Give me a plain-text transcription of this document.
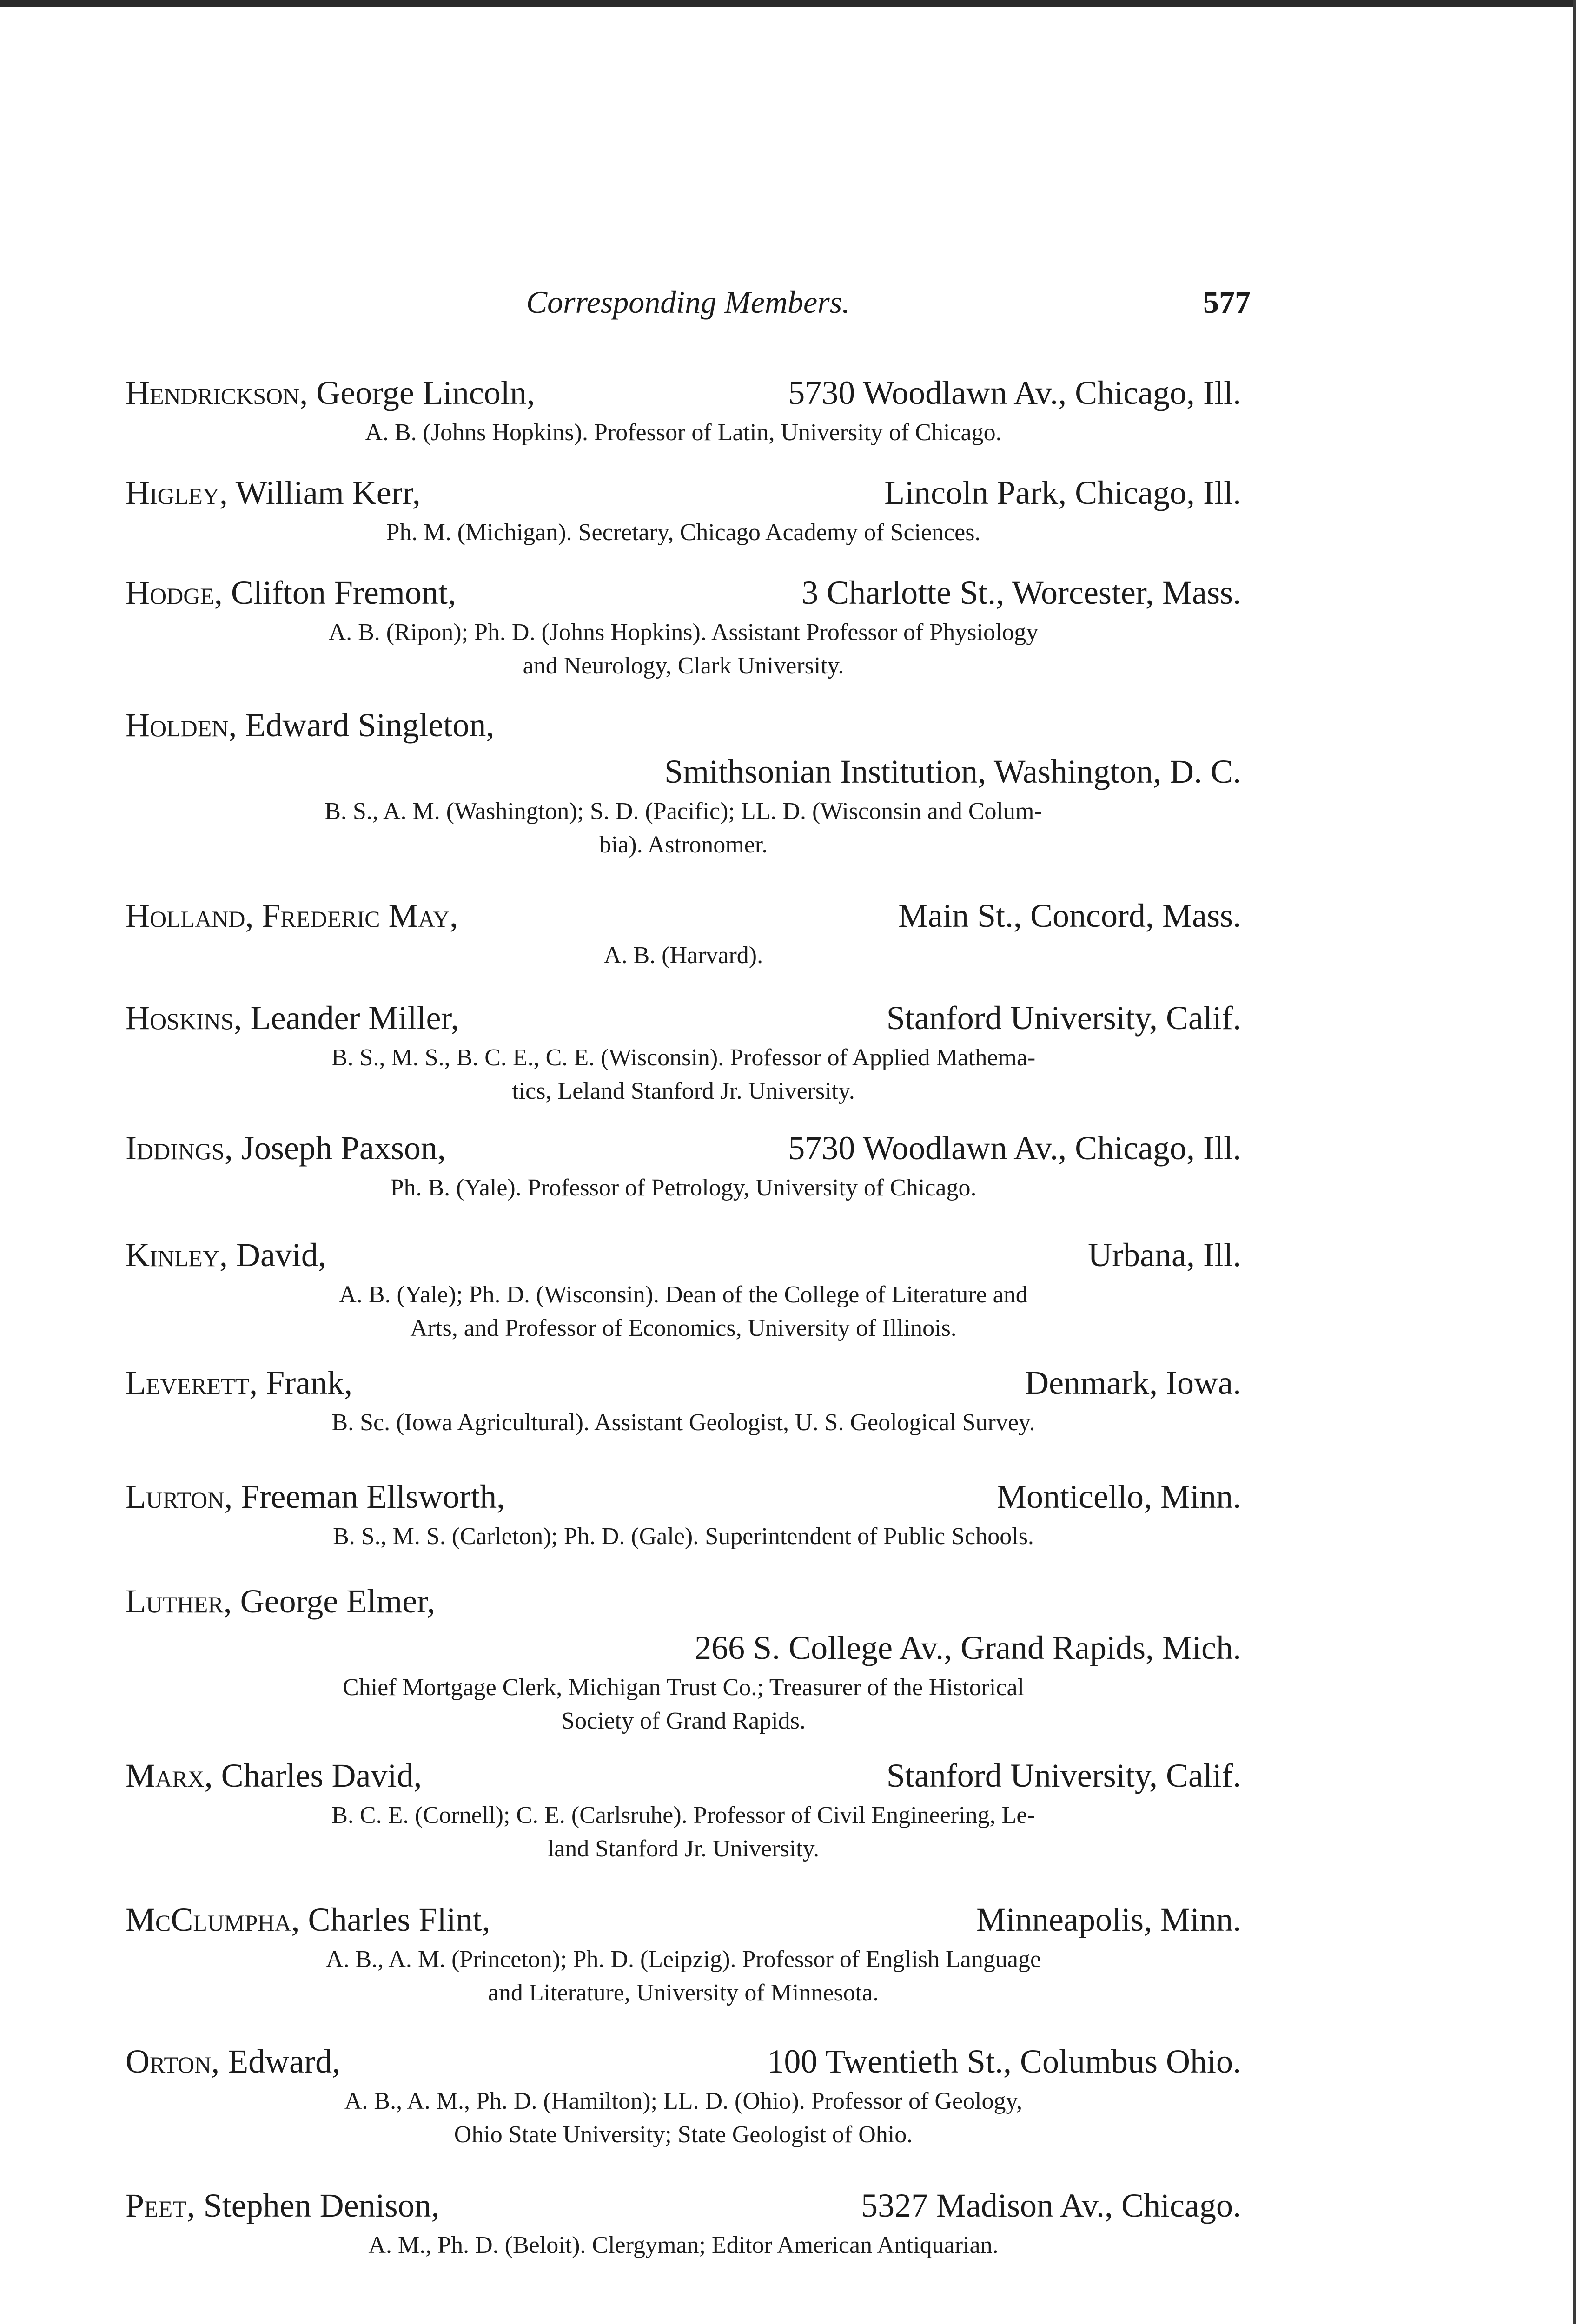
Corresponding Members.	577
Hendrickson, George Lincoln,	5730 Woodlawn Av., Chicago, Ill.
A. B. (Johns Hopkins). Professor of Latin, University of Chicago.
Higley, William Kerr,	Lincoln Park, Chicago, Ill.
Ph. M. (Michigan). Secretary, Chicago Academy of Sciences.
Hodge, Clifton Fremont,	3 Charlotte St., Worcester, Mass.
A. B. (Ripon); Ph. D. (Johns Hopkins). Assistant Professor of Physiology
and Neurology, Clark University.
Holden, Edward Singleton,
Smithsonian Institution, Washington, D. C.
B. S., A. M. (Washington); S. D. (Pacific); LL. D. (Wisconsin and Colum-
bia). Astronomer.
Holland, Frederic May,	Main St., Concord, Mass.
A. B. (Harvard).
Hoskins, Leander Miller,	Stanford University, Calif.
B. S., M. S., B. C. E., C. E. (Wisconsin). Professor of Applied Mathema-
tics, Leland Stanford Jr. University.
Iddings, Joseph Paxson,	5730 Woodlawn Av., Chicago, Ill.
Ph. B. (Yale). Professor of Petrology, University of Chicago.
Kinley, David,	Urbana, Ill.
A. B. (Yale); Ph. D. (Wisconsin). Dean of the College of Literature and
Arts, and Professor of Economics, University of Illinois.
Leverett, Frank,	Denmark, Iowa.
B. Sc. (Iowa Agricultural). Assistant Geologist, U. S. Geological Survey.
Lurton, Freeman Ellsworth,	Monticello, Minn.
B. S., M. S. (Carleton); Ph. D. (Gale). Superintendent of Public Schools.
Luther, George Elmer,
266 S. College Av., Grand Rapids, Mich.
Chief Mortgage Clerk, Michigan Trust Co.; Treasurer of the Historical
Society of Grand Rapids.
Marx, Charles David,	Stanford University, Calif.
B. C. E. (Cornell); C. E. (Carlsruhe). Professor of Civil Engineering, Le-
land Stanford Jr. University.
McClumpha, Charles Flint,	Minneapolis, Minn.
A. B., A. M. (Princeton); Ph. D. (Leipzig). Professor of English Language
and Literature, University of Minnesota.
Orton, Edward,	100 Twentieth St., Columbus Ohio.
A. B., A. M., Ph. D. (Hamilton); LL. D. (Ohio). Professor of Geology,
Ohio State University; State Geologist of Ohio.
Peet, Stephen Denison,	5327 Madison Av., Chicago.
A. M., Ph. D. (Beloit). Clergyman; Editor American Antiquarian.
